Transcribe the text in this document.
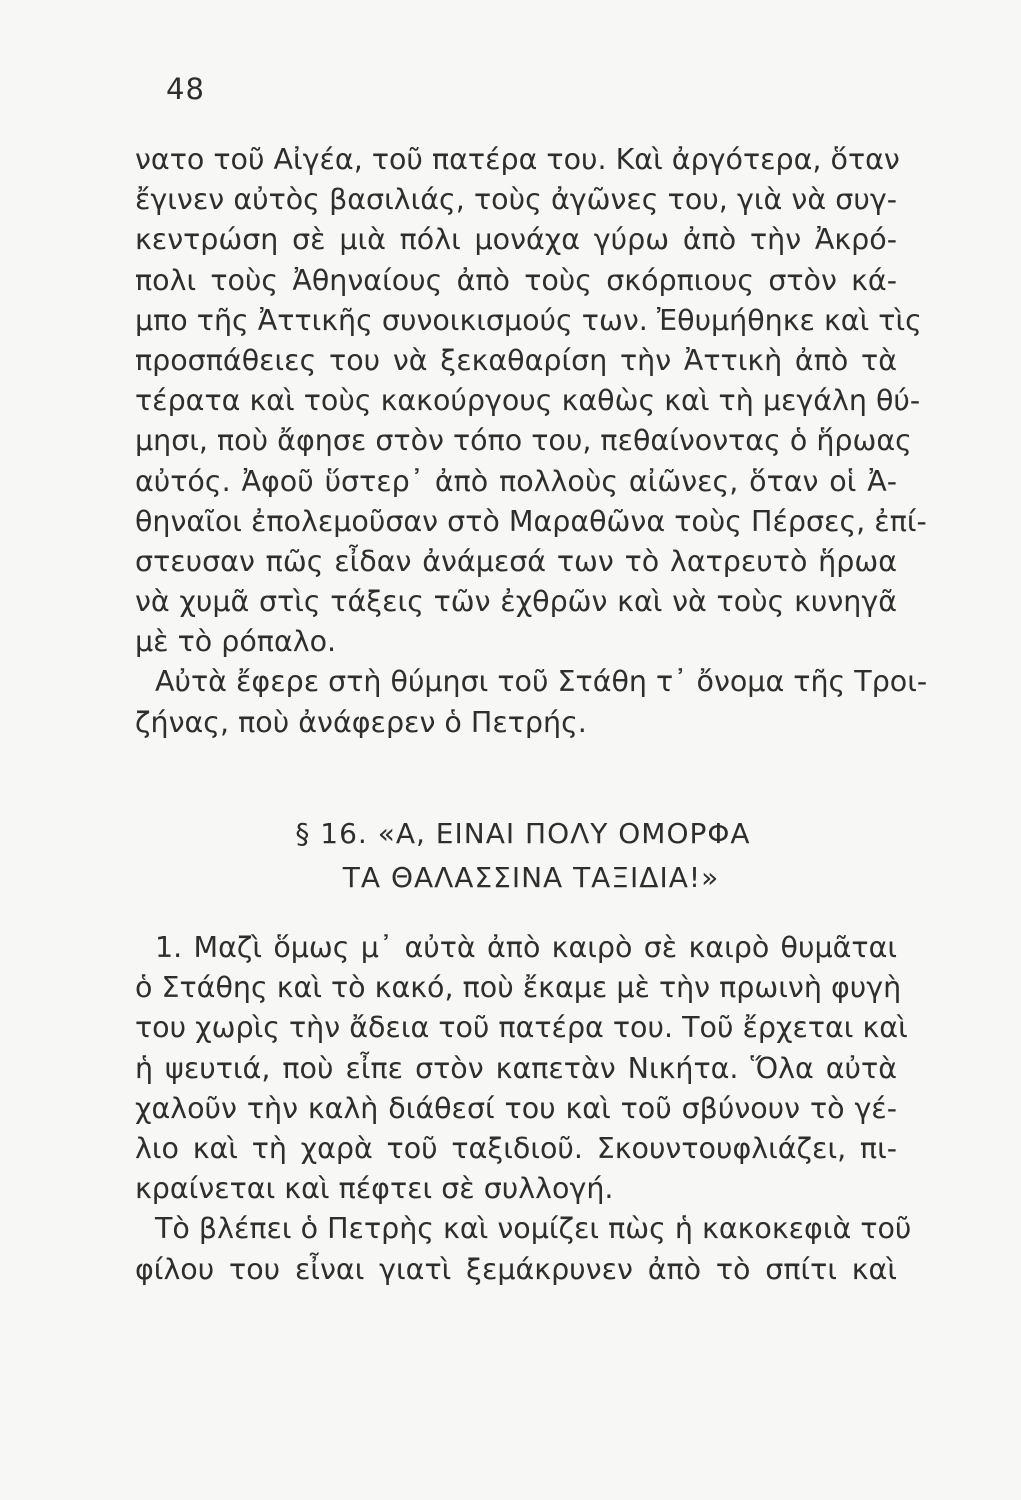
48
νατο τοῦ Αἰγέα, τοῦ πατέρα του. Καὶ ἀργότερα, ὅταν
ἔγινεν αὐτὸς βασιλιάς, τοὺς ἀγῶνες του, γιὰ νὰ συγ-
κεντρώση σὲ μιὰ πόλι μονάχα γύρω ἀπὸ τὴν Ἀκρό-
πολι τοὺς Ἀθηναίους ἀπὸ τοὺς σκόρπιους στὸν κά-
μπο τῆς Ἀττικῆς συνοικισμούς των. Ἐθυμήθηκε καὶ τὶς
προσπάθειες του νὰ ξεκαθαρίση τὴν Ἀττικὴ ἀπὸ τὰ
τέρατα καὶ τοὺς κακούργους καθὼς καὶ τὴ μεγάλη θύ-
μησι, ποὺ ἄφησε στὸν τόπο του, πεθαίνοντας ὁ ἥρωας
αὐτός. Ἀφοῦ ὕστερ᾽ ἀπὸ πολλοὺς αἰῶνες, ὅταν οἱ Ἀ-
θηναῖοι ἐπολεμοῦσαν στὸ Μαραθῶνα τοὺς Πέρσες, ἐπί-
στευσαν πῶς εἶδαν ἀνάμεσά των τὸ λατρευτὸ ἥρωα
νὰ χυμᾶ στὶς τάξεις τῶν ἐχθρῶν καὶ νὰ τοὺς κυνηγᾶ
μὲ τὸ ρόπαλο.
Αὐτὰ ἔφερε στὴ θύμησι τοῦ Στάθη τ᾽ ὄνομα τῆς Τροι-
ζήνας, ποὺ ἀνάφερεν ὁ Πετρής.
§ 16. «Α, ΕΙΝΑΙ ΠΟΛΥ ΟΜΟΡΦΑ
ΤΑ ΘΑΛΑΣΣΙΝΑ ΤΑΞΙΔΙΑ!»
1. Μαζὶ ὅμως μ᾽ αὐτὰ ἀπὸ καιρὸ σὲ καιρὸ θυμᾶται
ὁ Στάθης καὶ τὸ κακό, ποὺ ἔκαμε μὲ τὴν πρωινὴ φυγὴ
του χωρὶς τὴν ἄδεια τοῦ πατέρα του. Τοῦ ἔρχεται καὶ
ἡ ψευτιά, ποὺ εἶπε στὸν καπετὰν Νικήτα. Ὅλα αὐτὰ
χαλοῦν τὴν καλὴ διάθεσί του καὶ τοῦ σβύνουν τὸ γέ-
λιο καὶ τὴ χαρὰ τοῦ ταξιδιοῦ. Σκουντουφλιάζει, πι-
κραίνεται καὶ πέφτει σὲ συλλογή.
Τὸ βλέπει ὁ Πετρὴς καὶ νομίζει πὼς ἡ κακοκεφιὰ τοῦ
φίλου του εἶναι γιατὶ ξεμάκρυνεν ἀπὸ τὸ σπίτι καὶ
